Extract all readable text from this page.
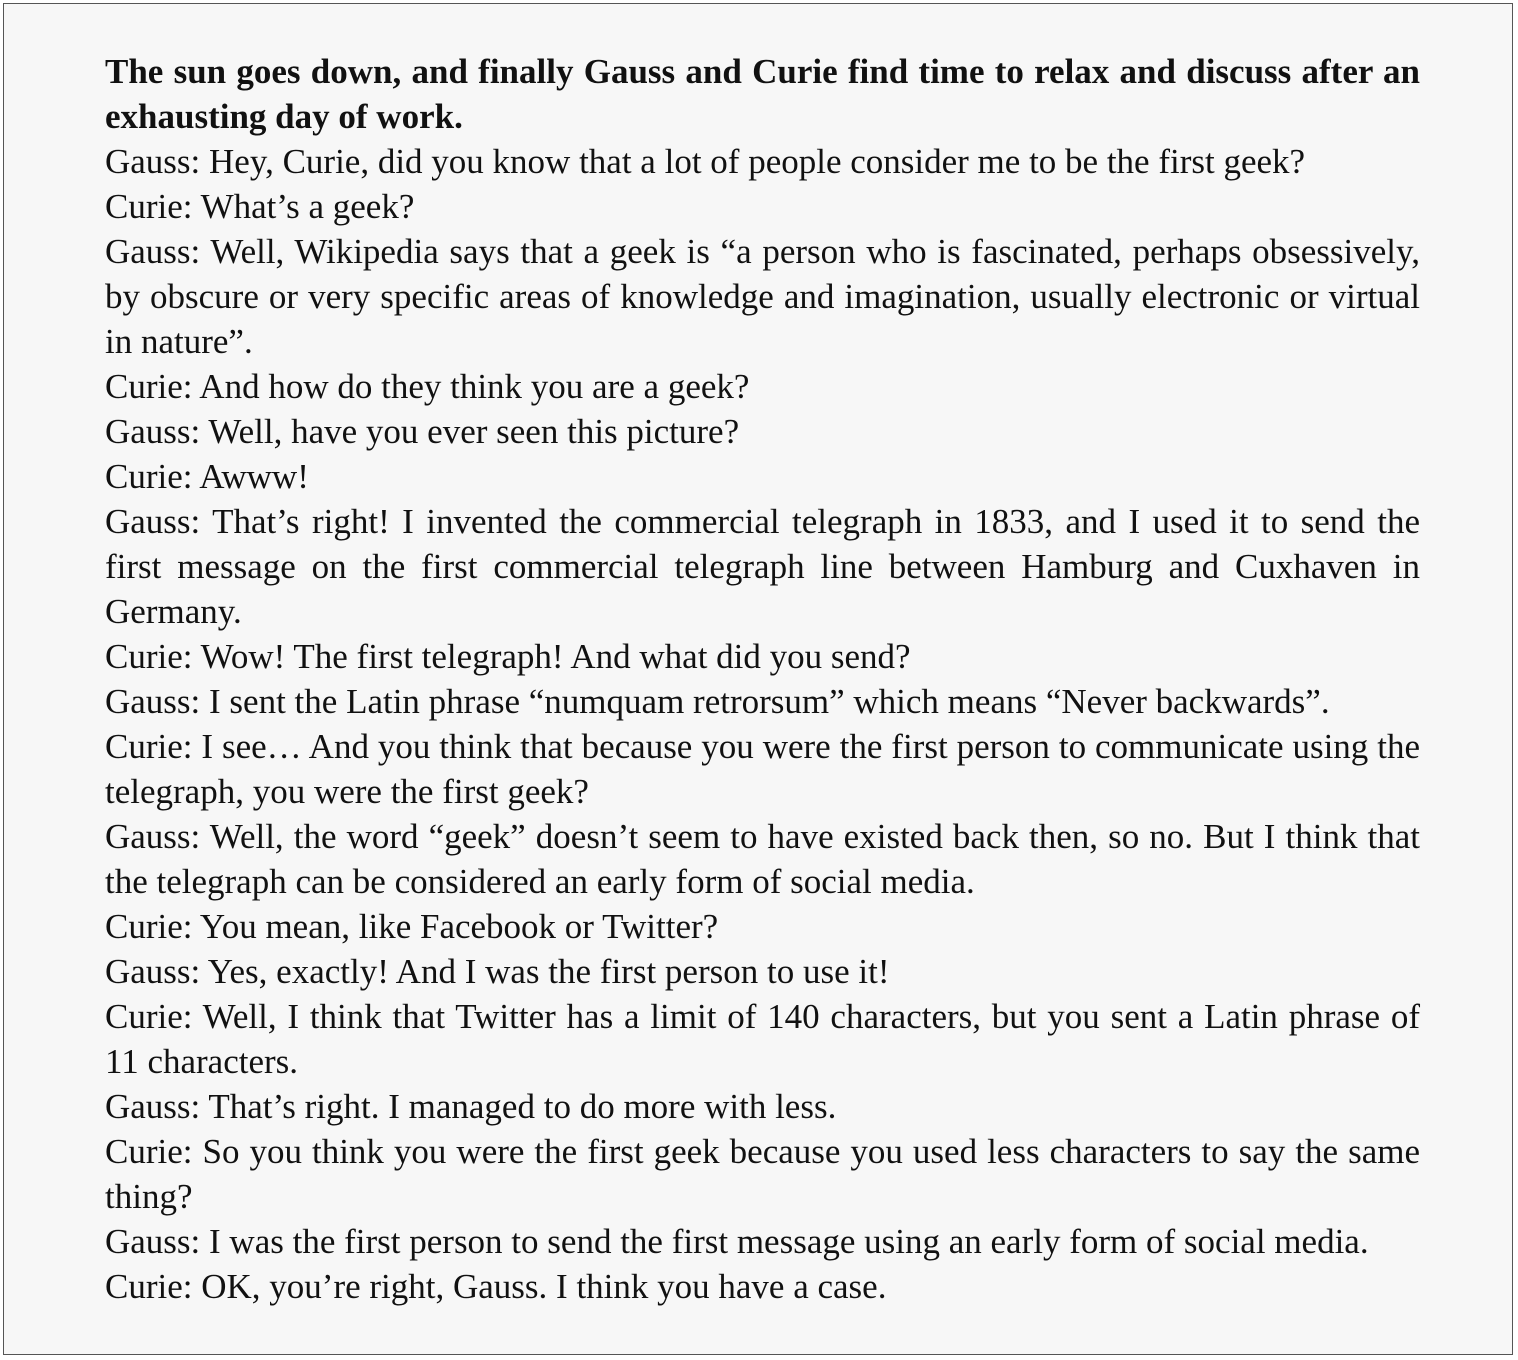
The sun goes down, and finally Gauss and Curie find time to relax and discuss after an exhausting day of work.

Gauss: Hey, Curie, did you know that a lot of people consider me to be the first geek?

Curie: What’s a geek?

Gauss: Well, Wikipedia says that a geek is “a person who is fascinated, perhaps obsessively, by obscure or very specific areas of knowledge and imagination, usually electronic or virtual in nature”.

Curie: And how do they think you are a geek?

Gauss: Well, have you ever seen this picture?

Curie: Awww!

Gauss: That’s right! I invented the commercial telegraph in 1833, and I used it to send the first message on the first commercial telegraph line between Hamburg and Cuxhaven in Germany.

Curie: Wow! The first telegraph! And what did you send?

Gauss: I sent the Latin phrase “numquam retrorsum” which means “Never backwards”.

Curie: I see… And you think that because you were the first person to communicate using the telegraph, you were the first geek?

Gauss: Well, the word “geek” doesn’t seem to have existed back then, so no. But I think that the telegraph can be considered an early form of social media.

Curie: You mean, like Facebook or Twitter?

Gauss: Yes, exactly! And I was the first person to use it!

Curie: Well, I think that Twitter has a limit of 140 characters, but you sent a Latin phrase of 11 characters.

Gauss: That’s right. I managed to do more with less.

Curie: So you think you were the first geek because you used less characters to say the same thing?

Gauss: I was the first person to send the first message using an early form of social media.

Curie: OK, you’re right, Gauss. I think you have a case.
